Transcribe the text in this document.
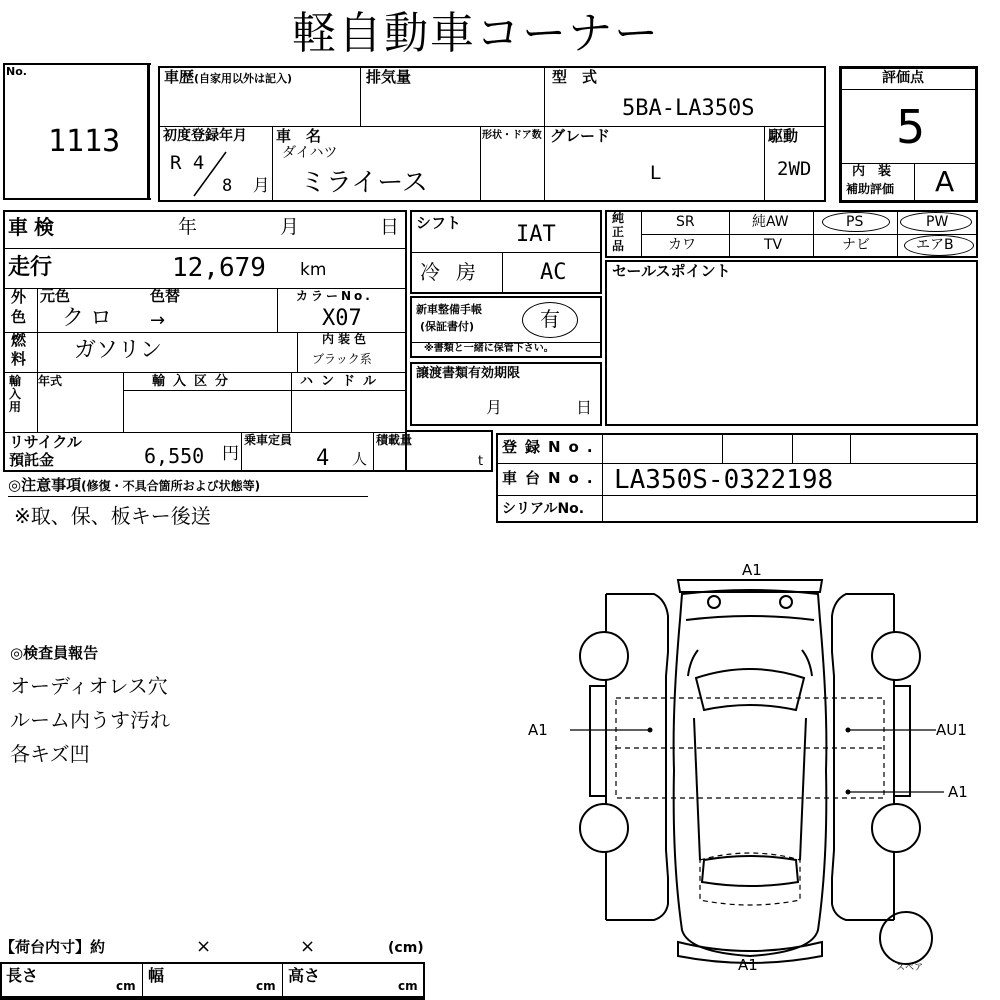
軽自動車コーナー
No.
1113
車歴(自家用以外は記入)	排気量	型　式
5BA-LA350S
初度登録年月
R 4
8 月
車　名
ダイハツ
ミライース
形状・ドア数 グレード
L
駆動
2WD
評価点
5
内　装
補助評価 A
車検	年	月	日
走行	12,679 km
外
色
元色
クロ
色替
→
カラーNo.
X07
燃
料 ガソリン	内装色
ブラック系
輸入用
年式	輸入区分	ハンドル
リサイクル
預託金	6,550 円
乗車定員
4 人
積載量
t
シフト IAT
冷房 AC
新車整備手帳
(保証書付)	有
※書類と一緒に保管下さい。
譲渡書類有効期限
月	日
純
正
品
SR	純AW	PS	PW
カワ	TV	ナビ	エアB
セールスポイント
登録No.
車台No. LA350S-0322198
シリアルNo.
◎注意事項(修復・不具合箇所および状態等)
※取、保、板キー後送
◎検査員報告
オーディオレス穴
ルーム内うす汚れ
各キズ凹
【荷台内寸】約	×	×	(cm)
長さ
cm
幅
cm
高さ
cm
A1
A1
A1	AU1
A1
スペア
